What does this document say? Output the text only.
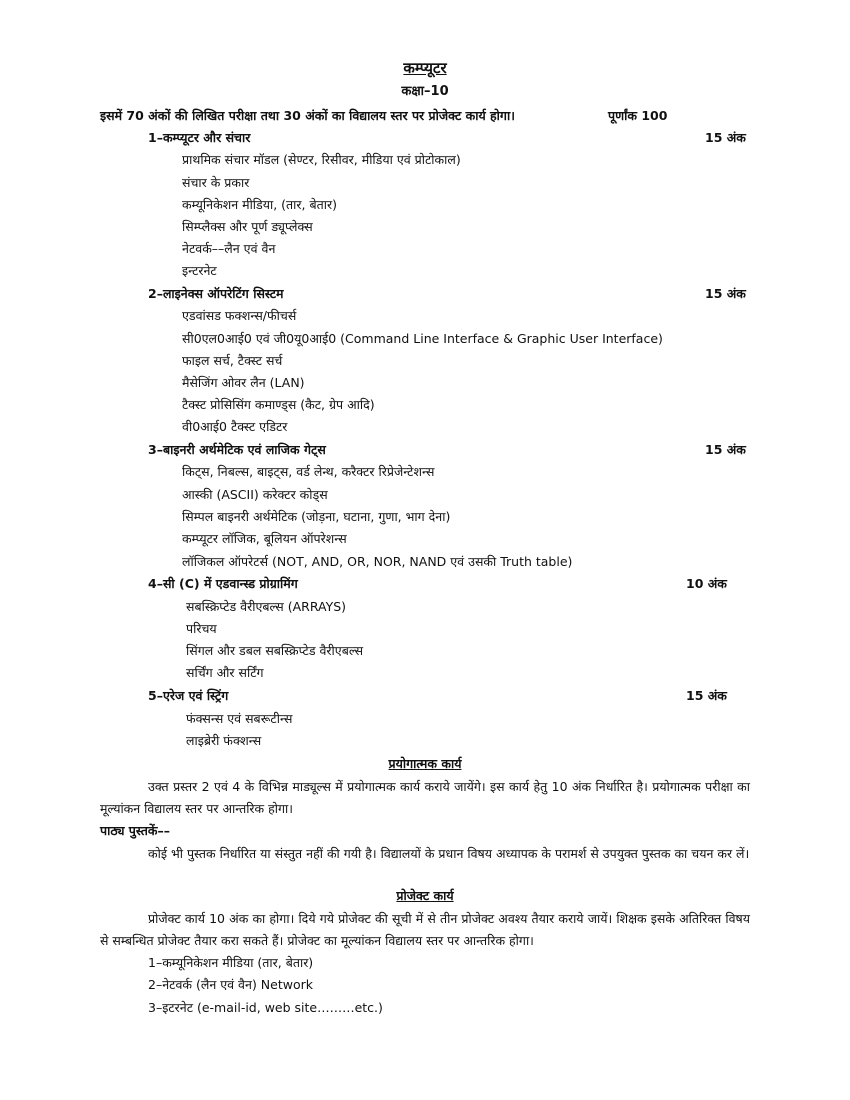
कम्प्यूटर
कक्षा–10
इसमें 70 अंकों की लिखित परीक्षा तथा 30 अंकों का विद्यालय स्तर पर प्रोजेक्ट कार्य होगा।	पूर्णांक 100
1–कम्प्यूटर और संचार	15 अंक
प्राथमिक संचार मॉडल (सेण्टर, रिसीवर, मीडिया एवं प्रोटोकाल)
संचार के प्रकार
कम्यूनिकेशन मीडिया, (तार, बेतार)
सिम्प्लैक्स और पूर्ण ड्यूप्लेक्स
नेटवर्क––लैन एवं वैन
इन्टरनेट
2–लाइनेक्स ऑपरेटिंग सिस्टम	15 अंक
एडवांसड फक्शन्स/फीचर्स
सी0एल0आई0 एवं जी0यू0आई0 (Command Line Interface & Graphic User Interface)
फाइल सर्च, टैक्स्ट सर्च
मैसेजिंग ओवर लैन (LAN)
टैक्स्ट प्रोसिसिंग कमाण्ड्स (कैट, ग्रेप आदि)
वी0आई0 टैक्स्ट एडिटर
3–बाइनरी अर्थमेटिक एवं लाजिक गेट्स	15 अंक
किट्स, निबल्स, बाइट्स, वर्ड लेन्थ, करैक्टर रिप्रेजेन्टेशन्स
आस्की (ASCII) करेक्टर कोड्स
सिम्पल बाइनरी अर्थमेटिक (जोड़ना, घटाना, गुणा, भाग देना)
कम्प्यूटर लॉजिक, बूलियन ऑपरेशन्स
लॉजिकल ऑपरेटर्स (NOT, AND, OR, NOR, NAND एवं उसकी Truth table)
4–सी (C) में एडवान्स्ड प्रोग्रामिंग	10 अंक
सबस्क्रिप्टेड वैरीएबल्स (ARRAYS)
परिचय
सिंगल और डबल सबस्क्रिप्टेड वैरीएबल्स
सर्चिंग और सर्टिंग
5–एरेज एवं स्ट्रिंग	15 अंक
फंक्सन्स एवं सबरूटीन्स
लाइब्रेरी फंक्शन्स
प्रयोगात्मक कार्य
उक्त प्रस्तर 2 एवं 4 के विभिन्न माड्यूल्स में प्रयोगात्मक कार्य कराये जायेंगे। इस कार्य हेतु 10 अंक निर्धारित है। प्रयोगात्मक परीक्षा का मूल्यांकन विद्यालय स्तर पर आन्तरिक होगा।
पाठ्य पुस्तकें––
कोई भी पुस्तक निर्धारित या संस्तुत नहीं की गयी है। विद्यालयों के प्रधान विषय अध्यापक के परामर्श से उपयुक्त पुस्तक का चयन कर लें।
प्रोजेक्ट कार्य
प्रोजेक्ट कार्य 10 अंक का होगा। दिये गये प्रोजेक्ट की सूची में से तीन प्रोजेक्ट अवश्य तैयार कराये जायें। शिक्षक इसके अतिरिक्त विषय से सम्बन्धित प्रोजेक्ट तैयार करा सकते हैं। प्रोजेक्ट का मूल्यांकन विद्यालय स्तर पर आन्तरिक होगा।
1–कम्यूनिकेशन मीडिया (तार, बेतार)
2–नेटवर्क (लैन एवं वैन) Network
3–इटरनेट (e-mail-id, web site………etc.)
